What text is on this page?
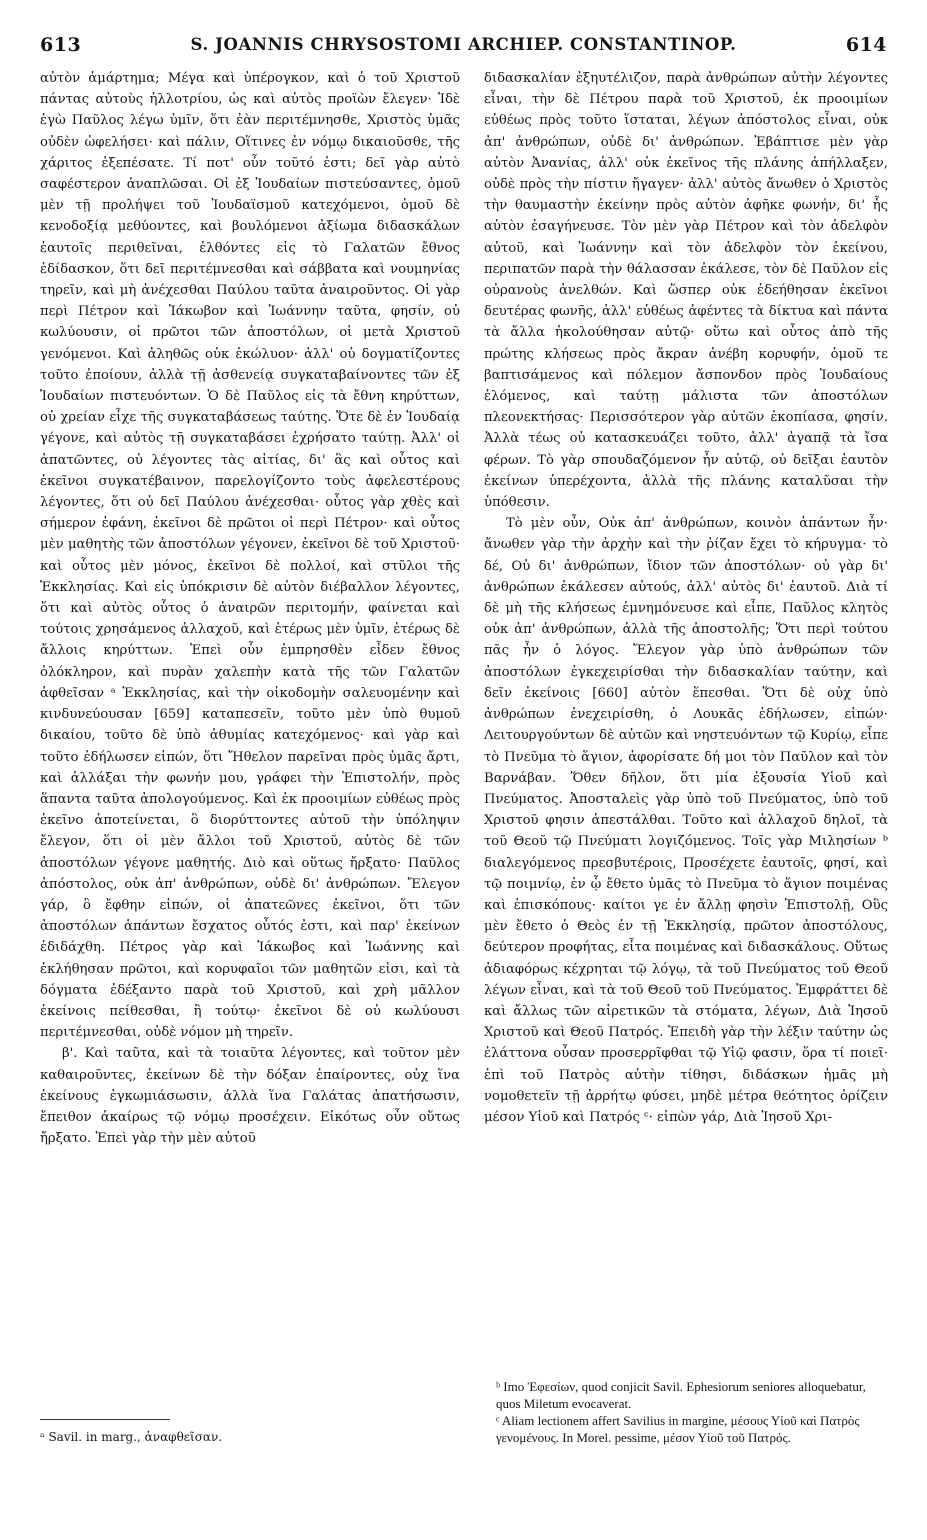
613	S. JOANNIS CHRYSOSTOMI ARCHIEP. CONSTANTINOP.	614

αὐτὸν ἁμάρτημα; Μέγα καὶ ὑπέρογκον, καὶ ὁ τοῦ Χριστοῦ πάντας αὐτοὺς ἠλλοτρίου, ὡς καὶ αὐτὸς προϊὼν ἔλεγεν· Ἰδὲ ἐγὼ Παῦλος λέγω ὑμῖν, ὅτι ἐὰν περιτέμνησθε, Χριστὸς ὑμᾶς οὐδὲν ὠφελήσει· καὶ πάλιν, Οἵτινες ἐν νόμῳ δικαιοῦσθε, τῆς χάριτος ἐξεπέσατε. Τί ποτ' οὖν τοῦτό ἐστι; δεῖ γὰρ αὐτὸ σαφέστερον ἀναπλῶσαι. Οἱ ἐξ Ἰουδαίων πιστεύσαντες, ὁμοῦ μὲν τῇ προλήψει τοῦ Ἰουδαϊσμοῦ κατεχόμενοι, ὁμοῦ δὲ κενοδοξίᾳ μεθύοντες, καὶ βουλόμενοι ἀξίωμα διδασκάλων ἑαυτοῖς περιθεῖναι, ἐλθόντες εἰς τὸ Γαλατῶν ἔθνος ἐδίδασκον, ὅτι δεῖ περιτέμνεσθαι καὶ σάββατα καὶ νουμηνίας τηρεῖν, καὶ μὴ ἀνέχεσθαι Παύλου ταῦτα ἀναιροῦντος. Οἱ γὰρ περὶ Πέτρον καὶ Ἰάκωβον καὶ Ἰωάννην ταῦτα, φησίν, οὐ κωλύουσιν, οἱ πρῶτοι τῶν ἀποστόλων, οἱ μετὰ Χριστοῦ γενόμενοι. Καὶ ἀληθῶς οὐκ ἐκώλυον· ἀλλ' οὐ δογματίζοντες τοῦτο ἐποίουν, ἀλλὰ τῇ ἀσθενείᾳ συγκαταβαίνοντες τῶν ἐξ Ἰουδαίων πιστευόντων. Ὁ δὲ Παῦλος εἰς τὰ ἔθνη κηρύττων, οὐ χρείαν εἶχε τῆς συγκαταβάσεως ταύτης. Ὅτε δὲ ἐν Ἰουδαίᾳ γέγονε, καὶ αὐτὸς τῇ συγκαταβάσει ἐχρήσατο ταύτῃ. Ἀλλ' οἱ ἀπατῶντες, οὐ λέγοντες τὰς αἰτίας, δι' ἃς καὶ οὗτος καὶ ἐκεῖνοι συγκατέβαινον, παρελογίζοντο τοὺς ἀφελεστέρους λέγοντες, ὅτι οὐ δεῖ Παύλου ἀνέχεσθαι· οὗτος γὰρ χθὲς καὶ σήμερον ἐφάνη, ἐκεῖνοι δὲ πρῶτοι οἱ περὶ Πέτρον· καὶ οὗτος μὲν μαθητὴς τῶν ἀποστόλων γέγονεν, ἐκεῖνοι δὲ τοῦ Χριστοῦ· καὶ οὗτος μὲν μόνος, ἐκεῖνοι δὲ πολλοί, καὶ στῦλοι τῆς Ἐκκλησίας. Καὶ εἰς ὑπόκρισιν δὲ αὐτὸν διέβαλλον λέγοντες, ὅτι καὶ αὐτὸς οὗτος ὁ ἀναιρῶν περιτομήν, φαίνεται καὶ τούτοις χρησάμενος ἀλλαχοῦ, καὶ ἑτέρως μὲν ὑμῖν, ἑτέρως δὲ ἄλλοις κηρύττων. Ἐπεὶ οὖν ἐμπρησθὲν εἶδεν ἔθνος ὁλόκληρον, καὶ πυρὰν χαλεπὴν κατὰ τῆς τῶν Γαλατῶν ἀφθεῖσαν ᵃ Ἐκκλησίας, καὶ τὴν οἰκοδομὴν σαλευομένην καὶ κινδυνεύουσαν [659] καταπεσεῖν, τοῦτο μὲν ὑπὸ θυμοῦ δικαίου, τοῦτο δὲ ὑπὸ ἀθυμίας κατεχόμενος· καὶ γὰρ καὶ τοῦτο ἐδήλωσεν εἰπών, ὅτι Ἤθελον παρεῖναι πρὸς ὑμᾶς ἄρτι, καὶ ἀλλάξαι τὴν φωνήν μου, γράφει τὴν Ἐπιστολήν, πρὸς ἅπαντα ταῦτα ἀπολογούμενος. Καὶ ἐκ προοιμίων εὐθέως πρὸς ἐκεῖνο ἀποτείνεται, ὃ διορύττοντες αὐτοῦ τὴν ὑπόληψιν ἔλεγον, ὅτι οἱ μὲν ἄλλοι τοῦ Χριστοῦ, αὐτὸς δὲ τῶν ἀποστόλων γέγονε μαθητής. Διὸ καὶ οὕτως ἤρξατο· Παῦλος ἀπόστολος, οὐκ ἀπ' ἀνθρώπων, οὐδὲ δι' ἀνθρώπων. Ἔλεγον γάρ, ὃ ἔφθην εἰπών, οἱ ἀπατεῶνες ἐκεῖνοι, ὅτι τῶν ἀποστόλων ἁπάντων ἔσχατος οὗτός ἐστι, καὶ παρ' ἐκείνων ἐδιδάχθη. Πέτρος γὰρ καὶ Ἰάκωβος καὶ Ἰωάννης καὶ ἐκλήθησαν πρῶτοι, καὶ κορυφαῖοι τῶν μαθητῶν εἰσι, καὶ τὰ δόγματα ἐδέξαντο παρὰ τοῦ Χριστοῦ, καὶ χρὴ μᾶλλον ἐκείνοις πείθεσθαι, ἢ τούτῳ· ἐκεῖνοι δὲ οὐ κωλύουσι περιτέμνεσθαι, οὐδὲ νόμον μὴ τηρεῖν.

β'. Καὶ ταῦτα, καὶ τὰ τοιαῦτα λέγοντες, καὶ τοῦτον μὲν καθαιροῦντες, ἐκείνων δὲ τὴν δόξαν ἐπαίροντες, οὐχ ἵνα ἐκείνους ἐγκωμιάσωσιν, ἀλλὰ ἵνα Γαλάτας ἀπατήσωσιν, ἔπειθον ἀκαίρως τῷ νόμῳ προσέχειν. Εἰκότως οὖν οὕτως ἤρξατο. Ἐπεὶ γὰρ τὴν μὲν αὐτοῦ

διδασκαλίαν ἐξηυτέλιζον, παρὰ ἀνθρώπων αὐτὴν λέγοντες εἶναι, τὴν δὲ Πέτρου παρὰ τοῦ Χριστοῦ, ἐκ προοιμίων εὐθέως πρὸς τοῦτο ἵσταται, λέγων ἀπόστολος εἶναι, οὐκ ἀπ' ἀνθρώπων, οὐδὲ δι' ἀνθρώπων. Ἐβάπτισε μὲν γὰρ αὐτὸν Ἀνανίας, ἀλλ' οὐκ ἐκεῖνος τῆς πλάνης ἀπήλλαξεν, οὐδὲ πρὸς τὴν πίστιν ἤγαγεν· ἀλλ' αὐτὸς ἄνωθεν ὁ Χριστὸς τὴν θαυμαστὴν ἐκείνην πρὸς αὐτὸν ἀφῆκε φωνήν, δι' ἧς αὐτὸν ἐσαγήνευσε. Τὸν μὲν γὰρ Πέτρον καὶ τὸν ἀδελφὸν αὐτοῦ, καὶ Ἰωάννην καὶ τὸν ἀδελφὸν τὸν ἐκείνου, περιπατῶν παρὰ τὴν θάλασσαν ἐκάλεσε, τὸν δὲ Παῦλον εἰς οὐρανοὺς ἀνελθών. Καὶ ὥσπερ οὐκ ἐδεήθησαν ἐκεῖνοι δευτέρας φωνῆς, ἀλλ' εὐθέως ἀφέντες τὰ δίκτυα καὶ πάντα τὰ ἄλλα ἠκολούθησαν αὐτῷ· οὕτω καὶ οὗτος ἀπὸ τῆς πρώτης κλήσεως πρὸς ἄκραν ἀνέβη κορυφήν, ὁμοῦ τε βαπτισάμενος καὶ πόλεμον ἄσπονδον πρὸς Ἰουδαίους ἑλόμενος, καὶ ταύτῃ μάλιστα τῶν ἀποστόλων πλεονεκτήσας· Περισσότερον γὰρ αὐτῶν ἐκοπίασα, φησίν. Ἀλλὰ τέως οὐ κατασκευάζει τοῦτο, ἀλλ' ἀγαπᾷ τὰ ἴσα φέρων. Τὸ γὰρ σπουδαζόμενον ἦν αὐτῷ, οὐ δεῖξαι ἑαυτὸν ἐκείνων ὑπερέχοντα, ἀλλὰ τῆς πλάνης καταλῦσαι τὴν ὑπόθεσιν.

Τὸ μὲν οὖν, Οὐκ ἀπ' ἀνθρώπων, κοινὸν ἁπάντων ἦν· ἄνωθεν γὰρ τὴν ἀρχὴν καὶ τὴν ῥίζαν ἔχει τὸ κήρυγμα· τὸ δέ, Οὐ δι' ἀνθρώπων, ἴδιον τῶν ἀποστόλων· οὐ γὰρ δι' ἀνθρώπων ἐκάλεσεν αὐτούς, ἀλλ' αὐτὸς δι' ἑαυτοῦ. Διὰ τί δὲ μὴ τῆς κλήσεως ἐμνημόνευσε καὶ εἶπε, Παῦλος κλητὸς οὐκ ἀπ' ἀνθρώπων, ἀλλὰ τῆς ἀποστολῆς; Ὅτι περὶ τούτου πᾶς ἦν ὁ λόγος. Ἔλεγον γὰρ ὑπὸ ἀνθρώπων τῶν ἀποστόλων ἐγκεχειρίσθαι τὴν διδασκαλίαν ταύτην, καὶ δεῖν ἐκείνοις [660] αὐτὸν ἕπεσθαι. Ὅτι δὲ οὐχ ὑπὸ ἀνθρώπων ἐνεχειρίσθη, ὁ Λουκᾶς ἐδήλωσεν, εἰπών· Λειτουργούντων δὲ αὐτῶν καὶ νηστευόντων τῷ Κυρίῳ, εἶπε τὸ Πνεῦμα τὸ ἅγιον, ἀφορίσατε δή μοι τὸν Παῦλον καὶ τὸν Βαρνάβαν. Ὅθεν δῆλον, ὅτι μία ἐξουσία Υἱοῦ καὶ Πνεύματος. Ἀποσταλεὶς γὰρ ὑπὸ τοῦ Πνεύματος, ὑπὸ τοῦ Χριστοῦ φησιν ἀπεστάλθαι. Τοῦτο καὶ ἀλλαχοῦ δηλοῖ, τὰ τοῦ Θεοῦ τῷ Πνεύματι λογιζόμενος. Τοῖς γὰρ Μιλησίων ᵇ διαλεγόμενος πρεσβυτέροις, Προσέχετε ἑαυτοῖς, φησί, καὶ τῷ ποιμνίῳ, ἐν ᾧ ἔθετο ὑμᾶς τὸ Πνεῦμα τὸ ἅγιον ποιμένας καὶ ἐπισκόπους· καίτοι γε ἐν ἄλλῃ φησὶν Ἐπιστολῇ, Οὓς μὲν ἔθετο ὁ Θεὸς ἐν τῇ Ἐκκλησίᾳ, πρῶτον ἀποστόλους, δεύτερον προφήτας, εἶτα ποιμένας καὶ διδασκάλους. Οὕτως ἀδιαφόρως κέχρηται τῷ λόγῳ, τὰ τοῦ Πνεύματος τοῦ Θεοῦ λέγων εἶναι, καὶ τὰ τοῦ Θεοῦ τοῦ Πνεύματος. Ἐμφράττει δὲ καὶ ἄλλως τῶν αἱρετικῶν τὰ στόματα, λέγων, Διὰ Ἰησοῦ Χριστοῦ καὶ Θεοῦ Πατρός. Ἐπειδὴ γὰρ τὴν λέξιν ταύτην ὡς ἐλάττονα οὖσαν προσερρῖφθαι τῷ Υἱῷ φασιν, ὅρα τί ποιεῖ· ἐπὶ τοῦ Πατρὸς αὐτὴν τίθησι, διδάσκων ἡμᾶς μὴ νομοθετεῖν τῇ ἀρρήτῳ φύσει, μηδὲ μέτρα θεότητος ὁρίζειν μέσον Υἱοῦ καὶ Πατρός ᶜ· εἰπὼν γάρ, Διὰ Ἰησοῦ Χρι-

ᵃ Savil. in marg., ἀναφθεῖσαν.

ᵇ Imo Ἐφεσίων, quod conjicit Savil. Ephesiorum seniores alloquebatur, quos Miletum evocaverat.

ᶜ Aliam lectionem affert Savilius in margine, μέσους Υἱοῦ καὶ Πατρὸς γενομένους. In Morel. pessime, μέσον Υἱοῦ τοῦ Πατρός.
